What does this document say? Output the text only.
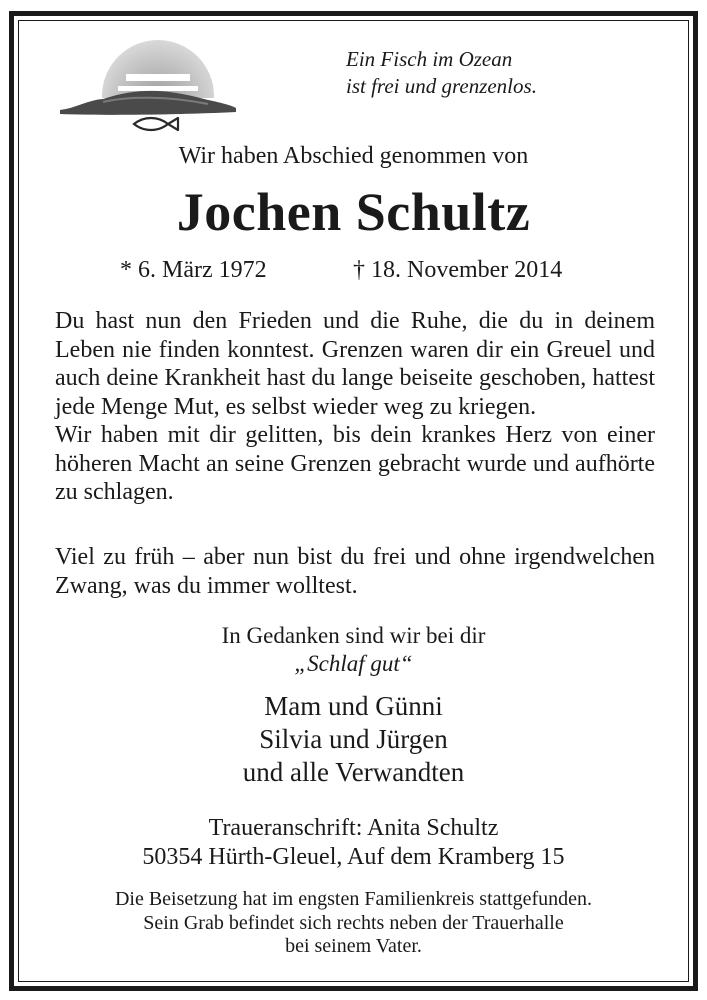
Ein Fisch im Ozean
ist frei und grenzenlos.
Wir haben Abschied genommen von
Jochen Schultz
* 6. März 1972	† 18. November 2014

Du hast nun den Frieden und die Ruhe, die du in deinem Leben nie finden konntest. Grenzen waren dir ein Greuel und auch deine Krankheit hast du lange beiseite geschoben, hattest jede Menge Mut, es selbst wieder weg zu kriegen.

Wir haben mit dir gelitten, bis dein krankes Herz von einer höheren Macht an seine Grenzen gebracht wurde und aufhörte zu schlagen.

Viel zu früh – aber nun bist du frei und ohne irgendwelchen Zwang, was du immer wolltest.

In Gedanken sind wir bei dir
„Schlaf gut“
Mam und Günni
Silvia und Jürgen
und alle Verwandten
Traueranschrift: Anita Schultz
50354 Hürth-Gleuel, Auf dem Kramberg 15
Die Beisetzung hat im engsten Familienkreis stattgefunden.
Sein Grab befindet sich rechts neben der Trauerhalle
bei seinem Vater.
